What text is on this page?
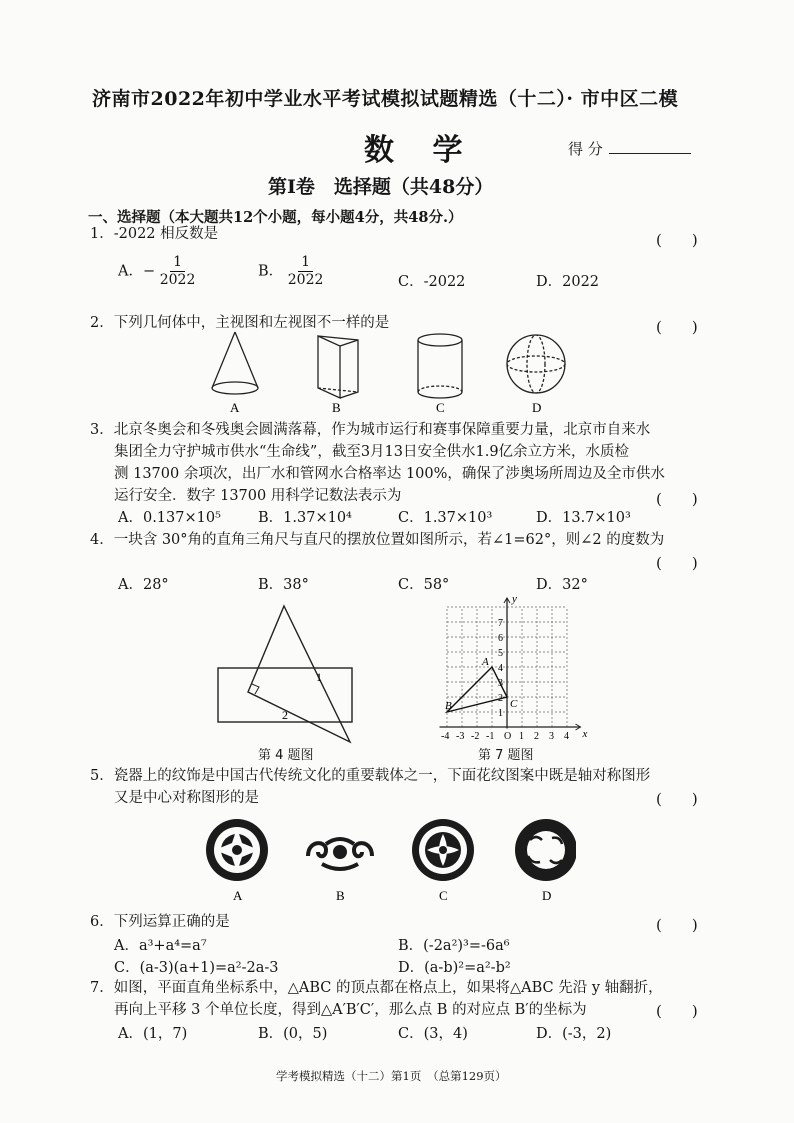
济南市2022年初中学业水平考试模拟试题精选（十二）· 市中区二模
数 学	得 分
第Ⅰ卷　选择题（共48分）
一、选择题（本大题共12个小题，每小题4分，共48分.）
1．-2022 相反数是	(　　)
A．− $\frac{1}{2022}$	B． $\frac{1}{2022}$	C．-2022	D．2022
2．下列几何体中，主视图和左视图不一样的是	(　　)
A	B	C	D
3．北京冬奥会和冬残奥会圆满落幕，作为城市运行和赛事保障重要力量，北京市自来水
集团全力守护城市供水“生命线”，截至3月13日安全供水1.9亿余立方米，水质检
测 13700 余项次，出厂水和管网水合格率达 100%，确保了涉奥场所周边及全市供水
运行安全．数字 13700 用科学记数法表示为	(　　)
A．0.137×10⁵	B．1.37×10⁴	C．1.37×10³	D．13.7×10³
4．一块含 30°角的直角三角尺与直尺的摆放位置如图所示，若∠1=62°，则∠2 的度数为
(　　)
A．28°	B．38°	C．58°	D．32°
1
2
第 4 题图
x
y
7
6
5
4
3
2
1
-4 -3 -2 -1 O 1 2 3 4
A
B	C
第 7 题图
5．瓷器上的纹饰是中国古代传统文化的重要载体之一，下面花纹图案中既是轴对称图形
又是中心对称图形的是	(　　)
A	B	C	D
6．下列运算正确的是	(　　)
A．a³+a⁴=a⁷	B．(-2a²)³=-6a⁶
C．(a-3)(a+1)=a²-2a-3	D．(a-b)²=a²-b²
7．如图，平面直角坐标系中，△ABC 的顶点都在格点上，如果将△ABC 先沿 y 轴翻折，
再向上平移 3 个单位长度，得到△A′B′C′，那么点 B 的对应点 B′的坐标为	(　　)
A．(1，7)	B．(0，5)	C．(3，4)	D．(-3，2)
学考模拟精选（十二）第1页　（总第129页）
